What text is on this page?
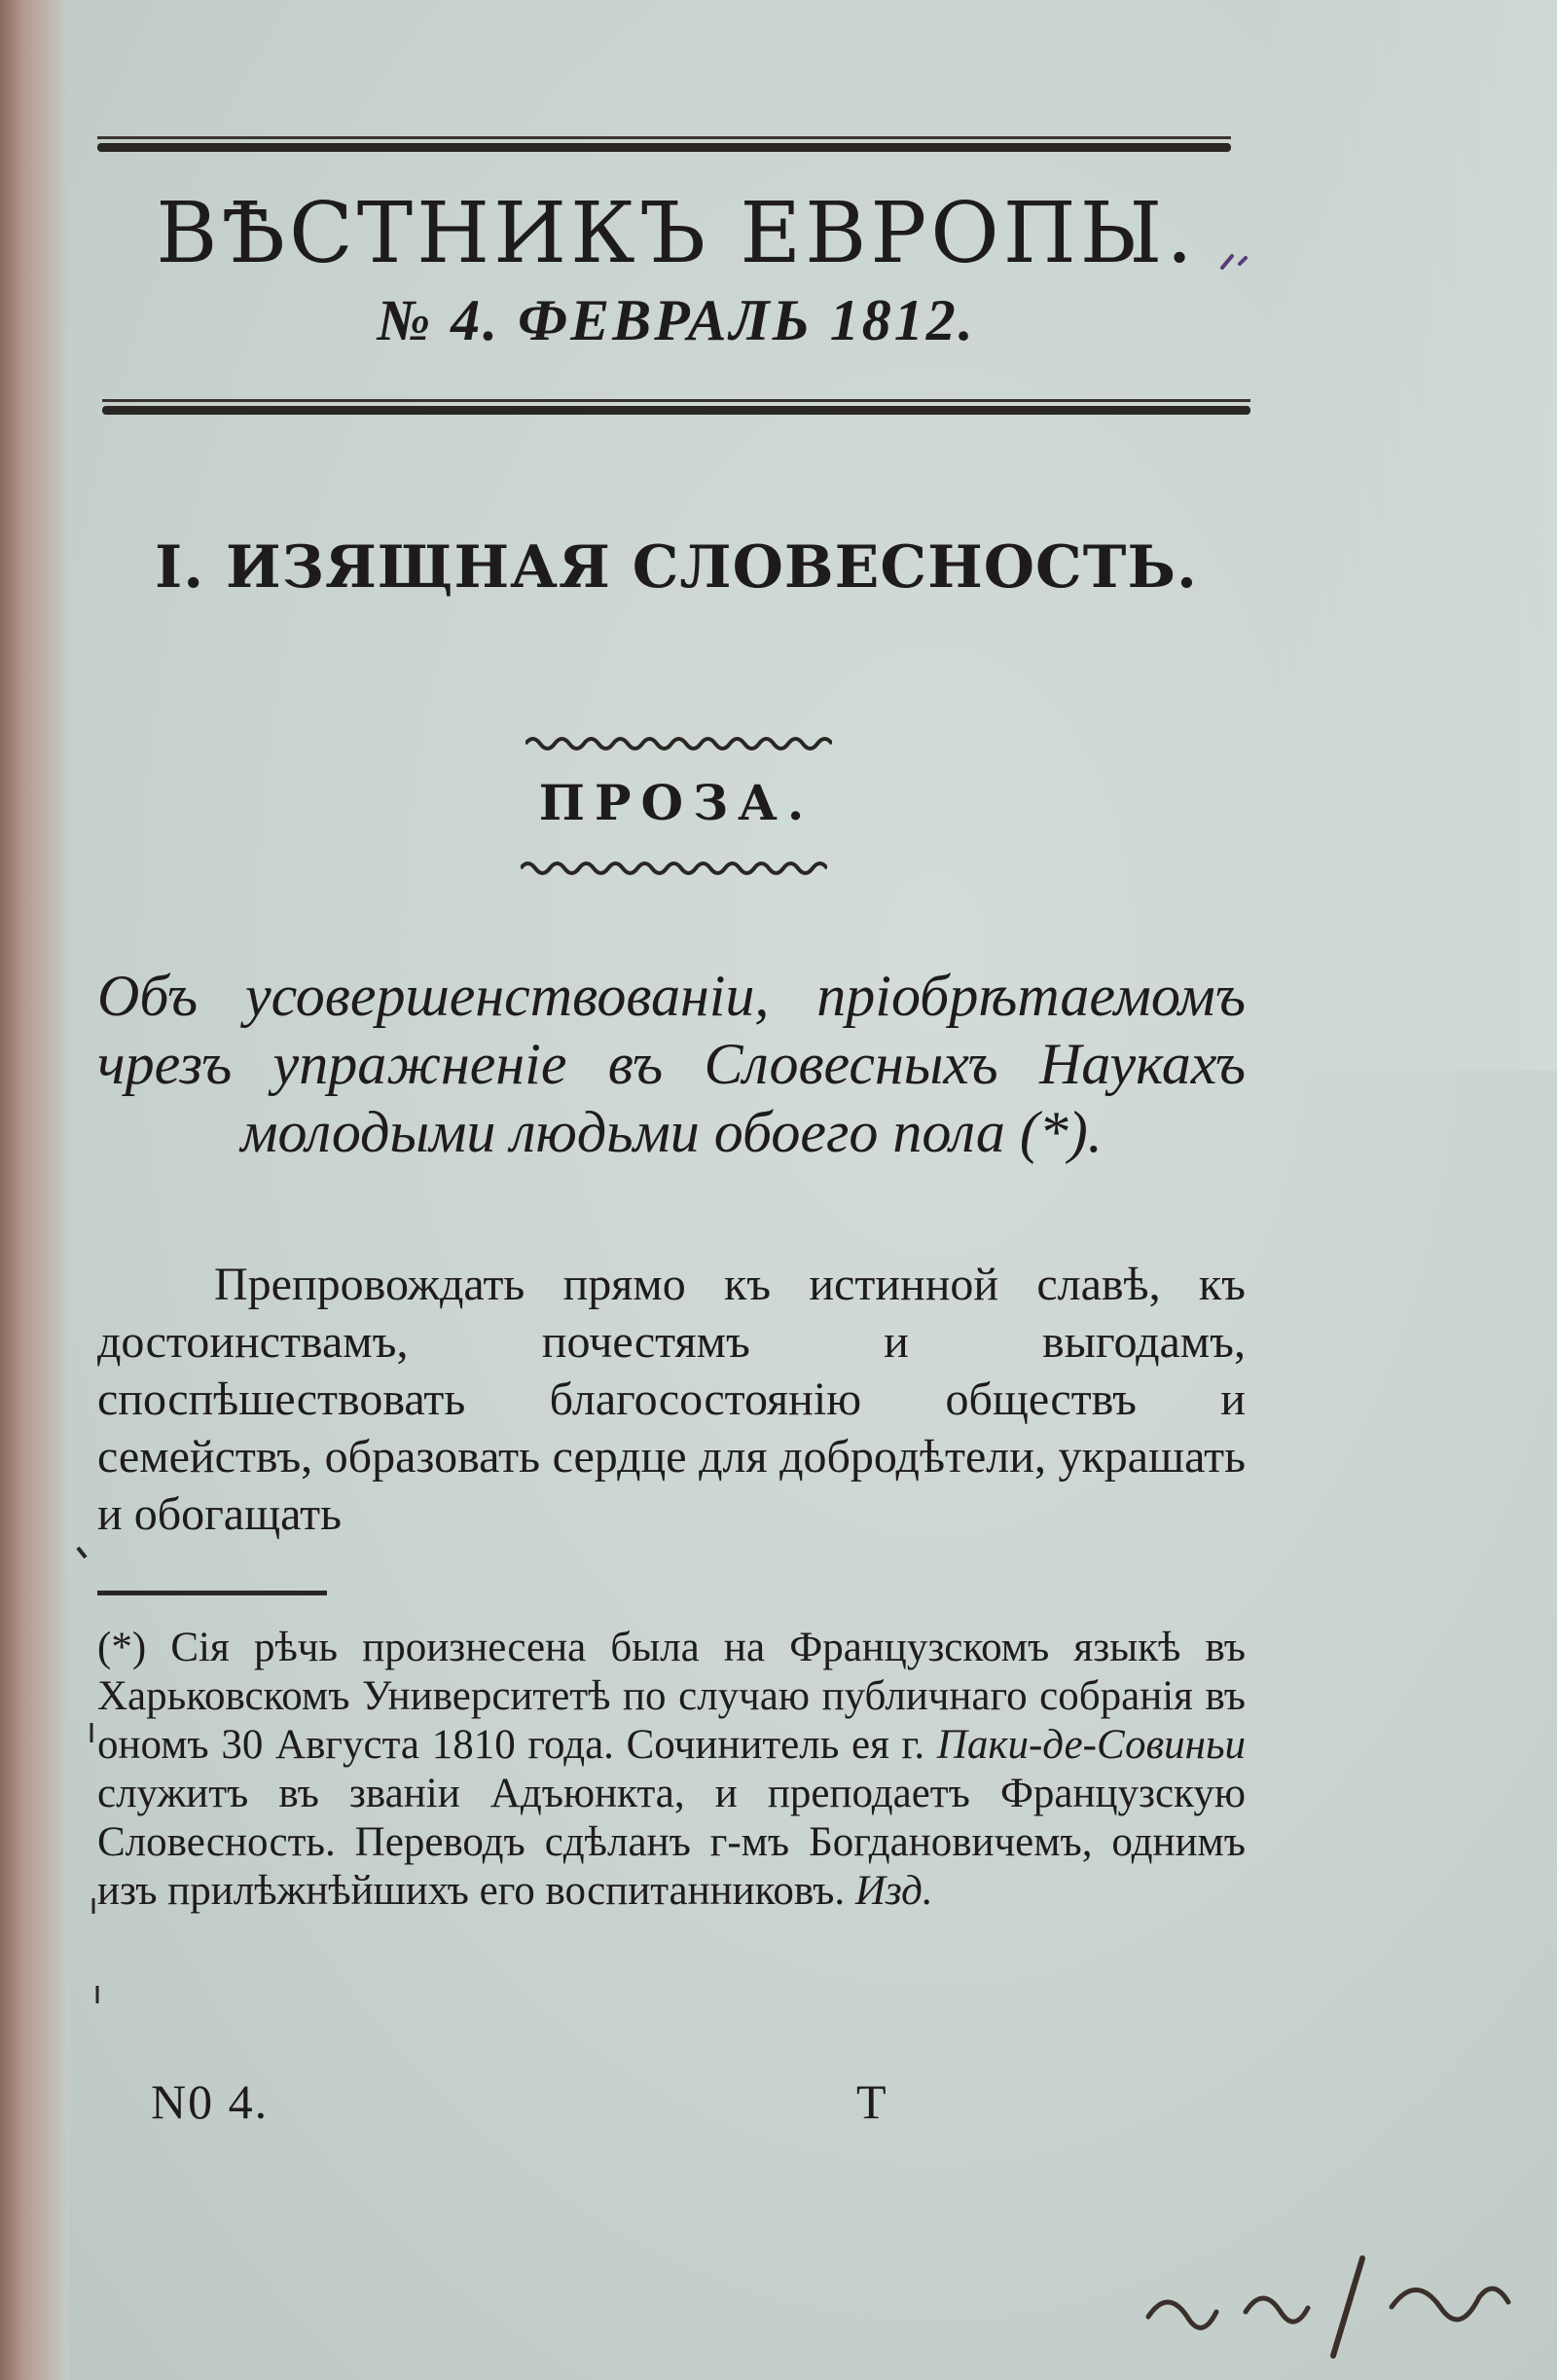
ВѢСТНИКЪ ЕВРОПЫ.
№ 4. ФЕВРАЛЬ 1812.
I. ИЗЯЩНАЯ СЛОВЕСНОСТЬ.
ПРОЗА.
Объ усовершенствованіи, пріобрѣтаемомъ чрезъ упражненіе въ Словесныхъ Наукахъ молодыми людьми обоего пола (*).
Препровождать прямо къ истинной славѣ, къ достоинствамъ, почестямъ и выгодамъ, споспѣшествовать благосостоянію обществъ и семействъ, образовать сердце для добродѣтели, украшать и обогащать
(*) Сія рѣчь произнесена была на Французскомъ языкѣ въ Харьковскомъ Университетѣ по случаю публичнаго собранія въ ономъ 30 Августа 1810 года. Сочинитель ея г. Паки-де-Совиньи служитъ въ званіи Адъюнкта, и преподаетъ Французскую Словесность. Переводъ сдѣланъ г-мъ Богдановичемъ, однимъ изъ прилѣжнѣйшихъ его воспитанниковъ. Изд.
N0 4.	Т
